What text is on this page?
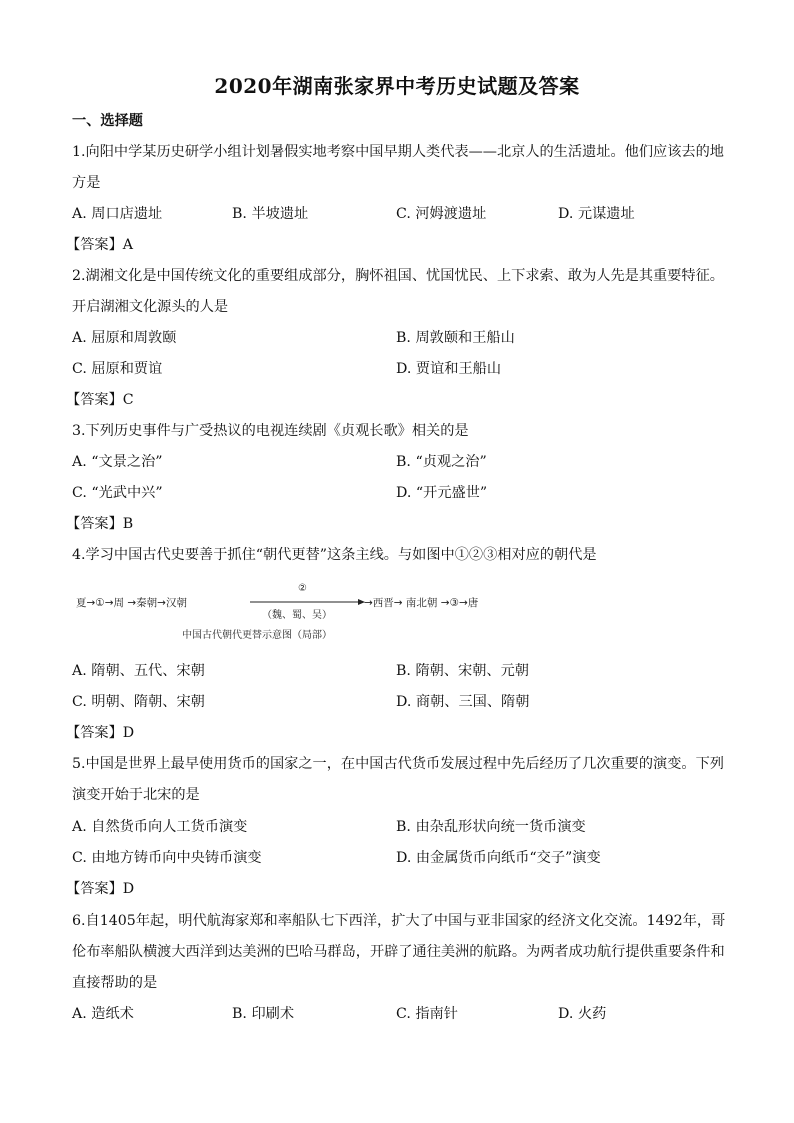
2020年湖南张家界中考历史试题及答案
一、选择题
1.向阳中学某历史研学小组计划暑假实地考察中国早期人类代表——北京人的生活遗址。他们应该去的地
方是
A. 周口店遗址	B. 半坡遗址	C. 河姆渡遗址	D. 元谋遗址
【答案】A
2.湖湘文化是中国传统文化的重要组成部分，胸怀祖国、忧国忧民、上下求索、敢为人先是其重要特征。
开启湖湘文化源头的人是
A. 屈原和周敦颐	B. 周敦颐和王船山
C. 屈原和贾谊	D. 贾谊和王船山
【答案】C
3.下列历史事件与广受热议的电视连续剧《贞观长歌》相关的是
A. “文景之治”	B. “贞观之治”
C. “光武中兴”	D. “开元盛世”
【答案】B
4.学习中国古代史要善于抓住“朝代更替”这条主线。与如图中①②③相对应的朝代是
夏→①→周 →秦朝→汉朝
②
（魏、蜀、吴）
→西晋→ 南北朝 →③→唐
中国古代朝代更替示意图（局部）
A. 隋朝、五代、宋朝	B. 隋朝、宋朝、元朝
C. 明朝、隋朝、宋朝	D. 商朝、三国、隋朝
【答案】D
5.中国是世界上最早使用货币的国家之一，在中国古代货币发展过程中先后经历了几次重要的演变。下列
演变开始于北宋的是
A. 自然货币向人工货币演变	B. 由杂乱形状向统一货币演变
C. 由地方铸币向中央铸币演变	D. 由金属货币向纸币“交子”演变
【答案】D
6.自1405年起，明代航海家郑和率船队七下西洋，扩大了中国与亚非国家的经济文化交流。1492年，哥
伦布率船队横渡大西洋到达美洲的巴哈马群岛，开辟了通往美洲的航路。为两者成功航行提供重要条件和
直接帮助的是
A. 造纸术	B. 印刷术	C. 指南针	D. 火药
